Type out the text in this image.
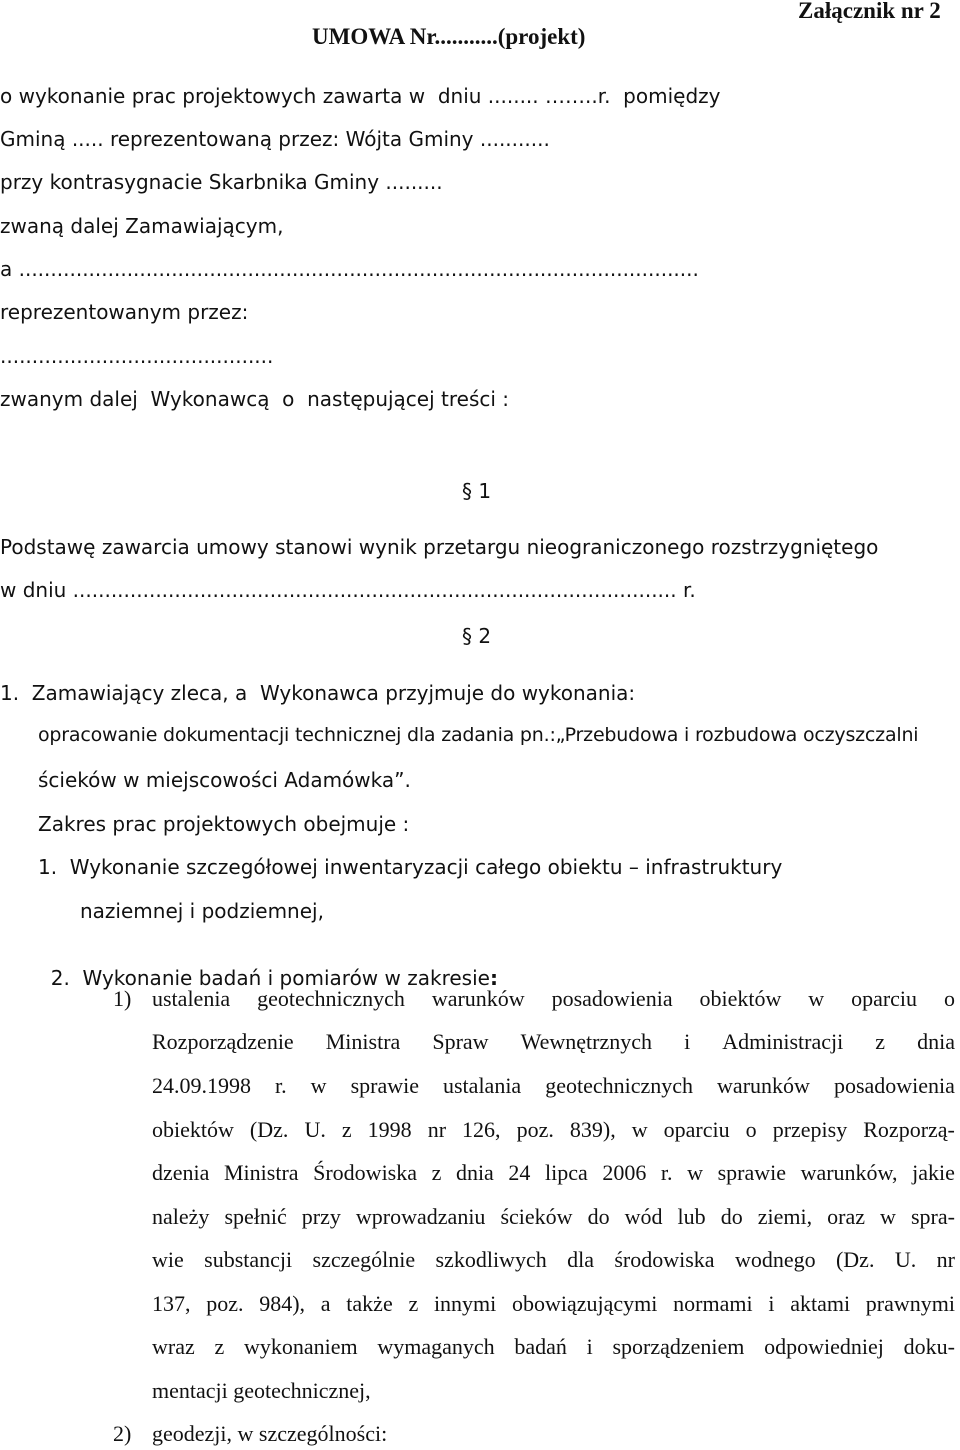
UMOWA Nr...........(projekt)
Załącznik nr 2
o wykonanie prac projektowych zawarta w  dniu ........ ……..r.  pomiędzy
Gminą ..... reprezentowaną przez: Wójta Gminy ...........
przy kontrasygnacie Skarbnika Gminy .........
zwaną dalej Zamawiającym,
a ...........................................................................................................
reprezentowanym przez:
...........................................
zwanym dalej  Wykonawcą  o  następującej treści :
§ 1
Podstawę zawarcia umowy stanowi wynik przetargu nieograniczonego rozstrzygniętego
w dniu ............................................................................................... r.
§ 2
1.  Zamawiający zleca, a  Wykonawca przyjmuje do wykonania:
opracowanie dokumentacji technicznej dla zadania pn.:„Przebudowa i rozbudowa oczyszczalni
ścieków w miejscowości Adamówka”.
Zakres prac projektowych obejmuje :
1.  Wykonanie szczegółowej inwentaryzacji całego obiektu – infrastruktury
naziemnej i podziemnej,

2.  Wykonanie badań i pomiarów w zakresie:

1) ustalenia geotechnicznych warunków posadowienia obiektów w oparciu o
Rozporządzenie Ministra Spraw Wewnętrznych i Administracji z dnia
24.09.1998 r. w sprawie ustalania geotechnicznych warunków posadowienia
obiektów (Dz. U. z 1998 nr 126, poz. 839), w oparciu o przepisy Rozporzą-
dzenia Ministra Środowiska z dnia 24 lipca 2006 r. w sprawie warunków, jakie
należy spełnić przy wprowadzaniu ścieków do wód lub do ziemi, oraz w spra-
wie substancji szczególnie szkodliwych dla środowiska wodnego (Dz. U. nr
137, poz. 984), a także z innymi obowiązującymi normami i aktami prawnymi
wraz z wykonaniem wymaganych badań i sporządzeniem odpowiedniej doku-
mentacji geotechnicznej,
2) geodezji, w szczególności:
